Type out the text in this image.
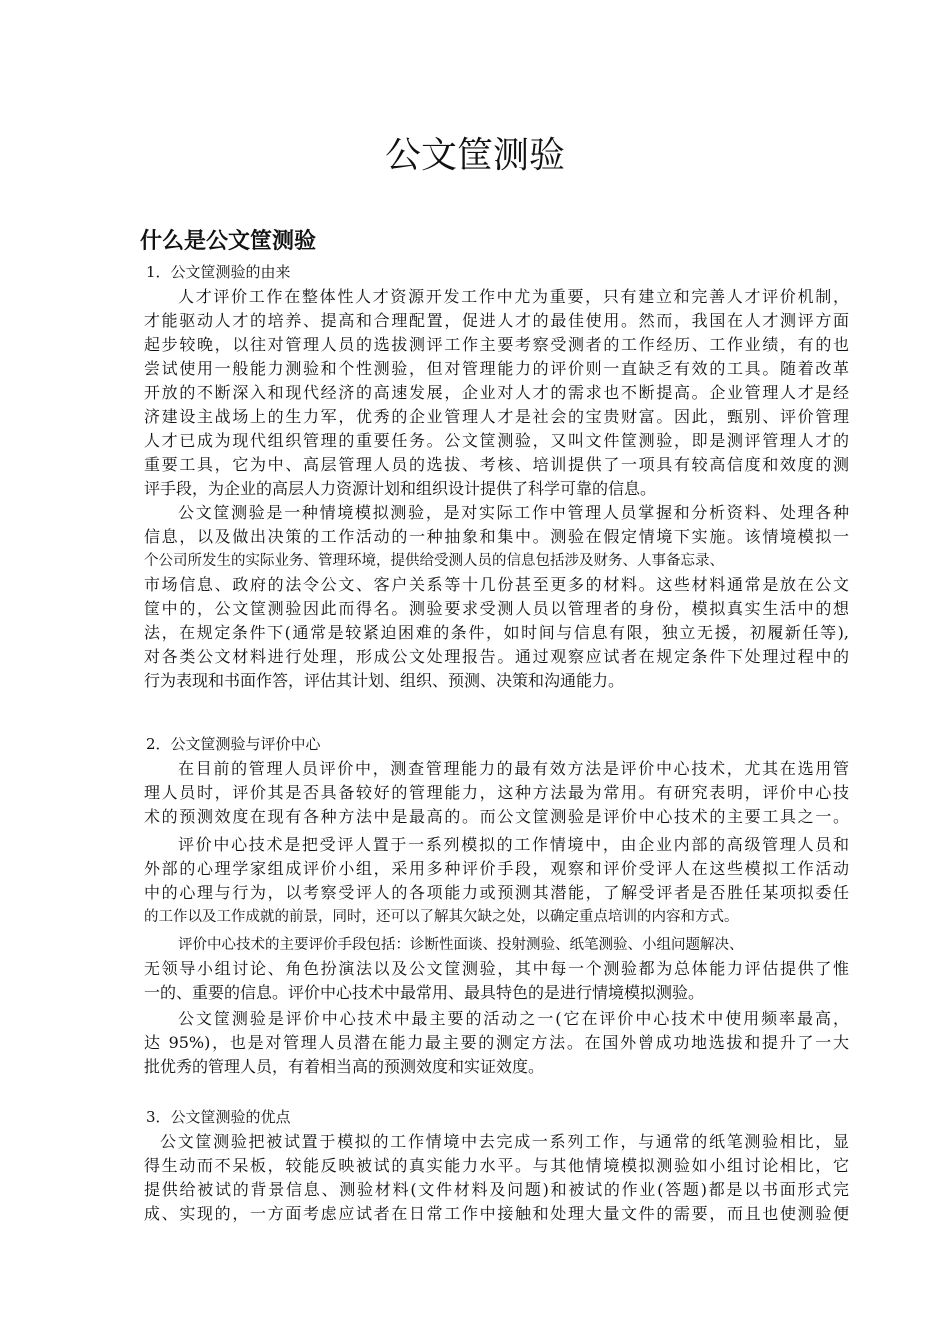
公文筐测验
什么是公文筐测验
1．公文筐测验的由来
人才评价工作在整体性人才资源开发工作中尤为重要，只有建立和完善人才评价机制，
才能驱动人才的培养、提高和合理配置，促进人才的最佳使用。然而，我国在人才测评方面
起步较晚，以往对管理人员的选拔测评工作主要考察受测者的工作经历、工作业绩，有的也
尝试使用一般能力测验和个性测验，但对管理能力的评价则一直缺乏有效的工具。随着改革
开放的不断深入和现代经济的高速发展，企业对人才的需求也不断提高。企业管理人才是经
济建设主战场上的生力军，优秀的企业管理人才是社会的宝贵财富。因此，甄别、评价管理
人才已成为现代组织管理的重要任务。公文筐测验，又叫文件筐测验，即是测评管理人才的
重要工具，它为中、高层管理人员的选拔、考核、培训提供了一项具有较高信度和效度的测
评手段，为企业的高层人力资源计划和组织设计提供了科学可靠的信息。
公文筐测验是一种情境模拟测验，是对实际工作中管理人员掌握和分析资料、处理各种
信息，以及做出决策的工作活动的一种抽象和集中。测验在假定情境下实施。该情境模拟一
个公司所发生的实际业务、管理环境，提供给受测人员的信息包括涉及财务、人事备忘录、
市场信息、政府的法令公文、客户关系等十几份甚至更多的材料。这些材料通常是放在公文
筐中的，公文筐测验因此而得名。测验要求受测人员以管理者的身份，模拟真实生活中的想
法，在规定条件下(通常是较紧迫困难的条件，如时间与信息有限，独立无援，初履新任等),
对各类公文材料进行处理，形成公文处理报告。通过观察应试者在规定条件下处理过程中的
行为表现和书面作答，评估其计划、组织、预测、决策和沟通能力。
2．公文筐测验与评价中心
在目前的管理人员评价中，测查管理能力的最有效方法是评价中心技术，尤其在选用管
理人员时，评价其是否具备较好的管理能力，这种方法最为常用。有研究表明，评价中心技
术的预测效度在现有各种方法中是最高的。而公文筐测验是评价中心技术的主要工具之一。
评价中心技术是把受评人置于一系列模拟的工作情境中，由企业内部的高级管理人员和
外部的心理学家组成评价小组，采用多种评价手段，观察和评价受评人在这些模拟工作活动
中的心理与行为，以考察受评人的各项能力或预测其潜能，了解受评者是否胜任某项拟委任
的工作以及工作成就的前景，同时，还可以了解其欠缺之处，以确定重点培训的内容和方式。
评价中心技术的主要评价手段包括：诊断性面谈、投射测验、纸笔测验、小组问题解决、
无领导小组讨论、角色扮演法以及公文筐测验，其中每一个测验都为总体能力评估提供了惟
一的、重要的信息。评价中心技术中最常用、最具特色的是进行情境模拟测验。
公文筐测验是评价中心技术中最主要的活动之一(它在评价中心技术中使用频率最高，
达 95%)，也是对管理人员潜在能力最主要的测定方法。在国外曾成功地选拔和提升了一大
批优秀的管理人员，有着相当高的预测效度和实证效度。
3．公文筐测验的优点
公文筐测验把被试置于模拟的工作情境中去完成一系列工作，与通常的纸笔测验相比，显
得生动而不呆板，较能反映被试的真实能力水平。与其他情境模拟测验如小组讨论相比，它
提供给被试的背景信息、测验材料(文件材料及问题)和被试的作业(答题)都是以书面形式完
成、实现的，一方面考虑应试者在日常工作中接触和处理大量文件的需要，而且也使测验便
